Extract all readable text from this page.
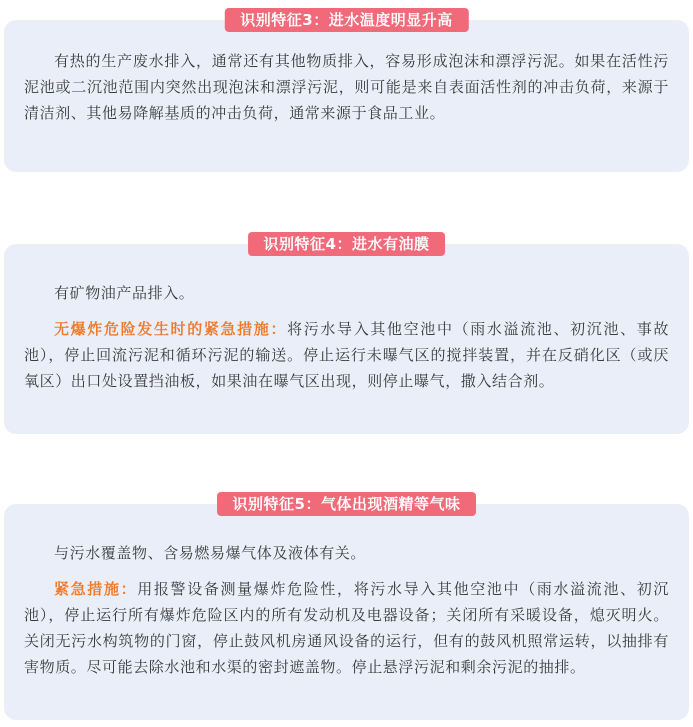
识别特征3：进水温度明显升高

有热的生产废水排入，通常还有其他物质排入，容易形成泡沫和漂浮污泥。如果在活性污泥池或二沉池范围内突然出现泡沫和漂浮污泥，则可能是来自表面活性剂的冲击负荷，来源于清洁剂、其他易降解基质的冲击负荷，通常来源于食品工业。

识别特征4：进水有油膜

有矿物油产品排入。

无爆炸危险发生时的紧急措施：将污水导入其他空池中（雨水溢流池、初沉池、事故池），停止回流污泥和循环污泥的输送。停止运行未曝气区的搅拌装置，并在反硝化区（或厌氧区）出口处设置挡油板，如果油在曝气区出现，则停止曝气，撒入结合剂。

识别特征5：气体出现酒精等气味

与污水覆盖物、含易燃易爆气体及液体有关。

紧急措施：用报警设备测量爆炸危险性，将污水导入其他空池中（雨水溢流池、初沉池），停止运行所有爆炸危险区内的所有发动机及电器设备；关闭所有采暖设备，熄灭明火。关闭无污水构筑物的门窗，停止鼓风机房通风设备的运行，但有的鼓风机照常运转，以抽排有害物质。尽可能去除水池和水渠的密封遮盖物。停止悬浮污泥和剩余污泥的抽排。
